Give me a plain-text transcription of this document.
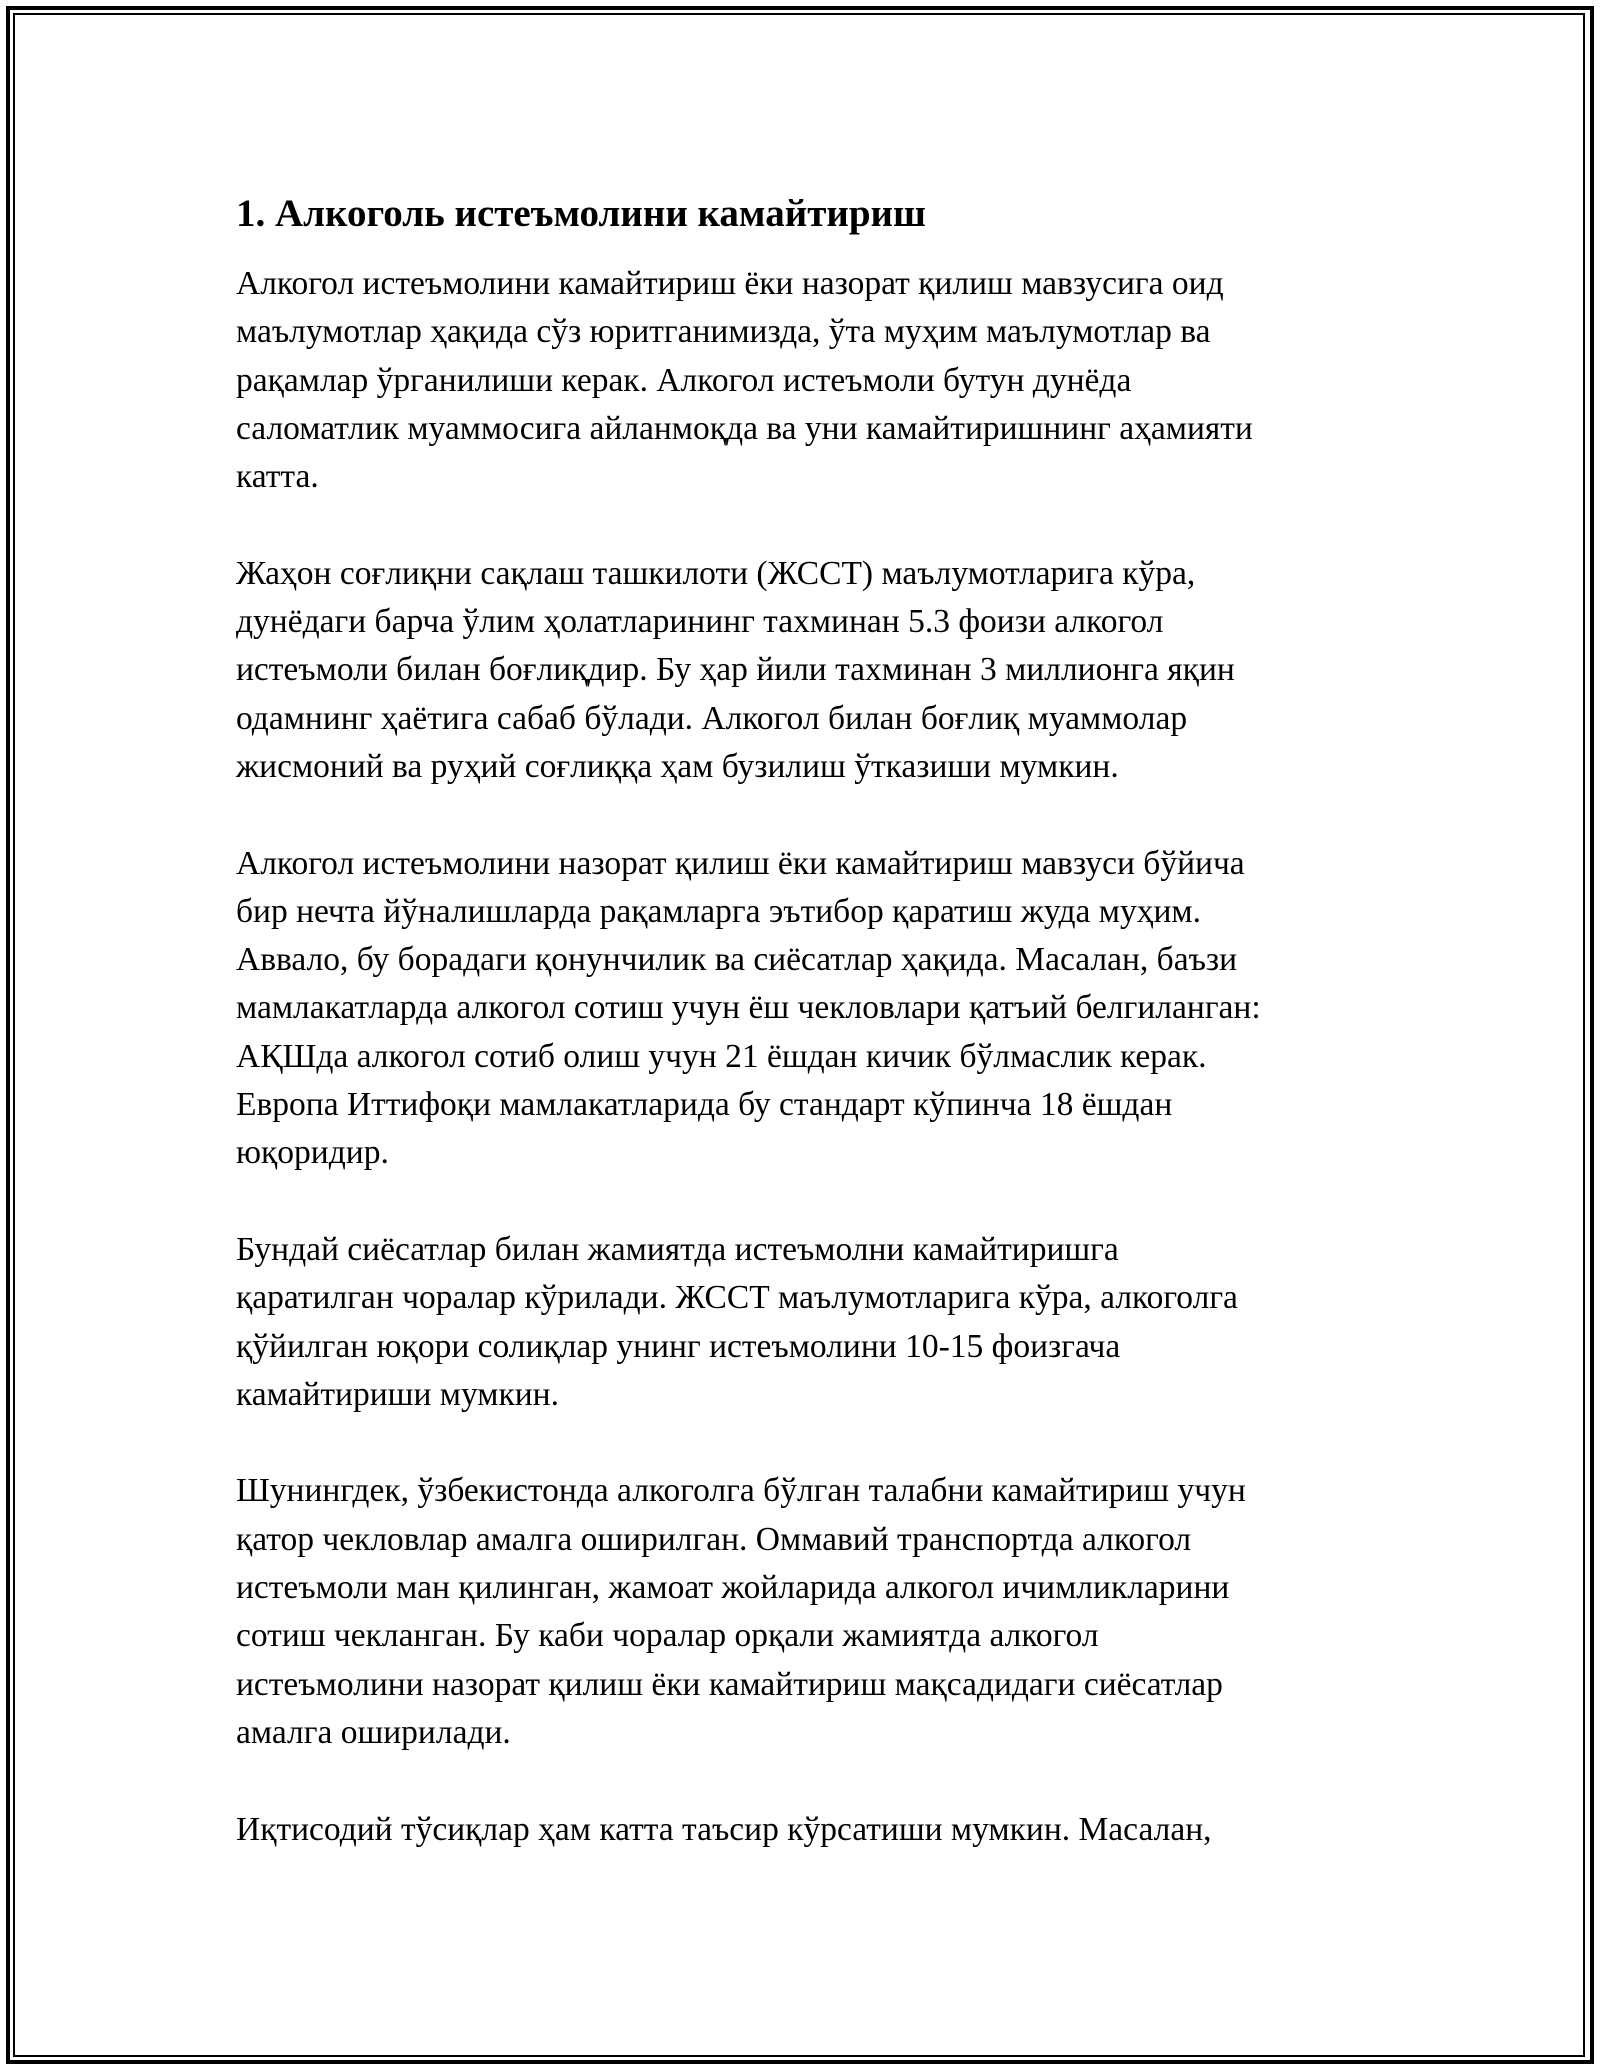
1. Алкоголь истеъмолини камайтириш

Алкогол истеъмолини камайтириш ёки назорат қилиш мавзусига оид
маълумотлар ҳақида сўз юритганимизда, ўта муҳим маълумотлар ва
рақамлар ўрганилиши керак. Алкогол истеъмоли бутун дунёда
саломатлик муаммосига айланмоқда ва уни камайтиришнинг аҳамияти
катта.

Жаҳон соғлиқни сақлаш ташкилоти (ЖССТ) маълумотларига кўра,
дунёдаги барча ўлим ҳолатларининг тахминан 5.3 фоизи алкогол
истеъмоли билан боғлиқдир. Бу ҳар йили тахминан 3 миллионга яқин
одамнинг ҳаётига сабаб бўлади. Алкогол билан боғлиқ муаммолар
жисмоний ва руҳий соғлиққа ҳам бузилиш ўтказиши мумкин.

Алкогол истеъмолини назорат қилиш ёки камайтириш мавзуси бўйича
бир нечта йўналишларда рақамларга эътибор қаратиш жуда муҳим.
Аввало, бу борадаги қонунчилик ва сиёсатлар ҳақида. Масалан, баъзи
мамлакатларда алкогол сотиш учун ёш чекловлари қатъий белгиланган:
АҚШда алкогол сотиб олиш учун 21 ёшдан кичик бўлмаслик керак.
Европа Иттифоқи мамлакатларида бу стандарт кўпинча 18 ёшдан
юқоридир.

Бундай сиёсатлар билан жамиятда истеъмолни камайтиришга
қаратилган чоралар кўрилади. ЖССТ маълумотларига кўра, алкоголга
қўйилган юқори солиқлар унинг истеъмолини 10-15 фоизгача
камайтириши мумкин.

Шунингдек, ўзбекистонда алкоголга бўлган талабни камайтириш учун
қатор чекловлар амалга оширилган. Оммавий транспортда алкогол
истеъмоли ман қилинган, жамоат жойларида алкогол ичимликларини
сотиш чекланган. Бу каби чоралар орқали жамиятда алкогол
истеъмолини назорат қилиш ёки камайтириш мақсадидаги сиёсатлар
амалга оширилади.

Иқтисодий тўсиқлар ҳам катта таъсир кўрсатиши мумкин. Масалан,
